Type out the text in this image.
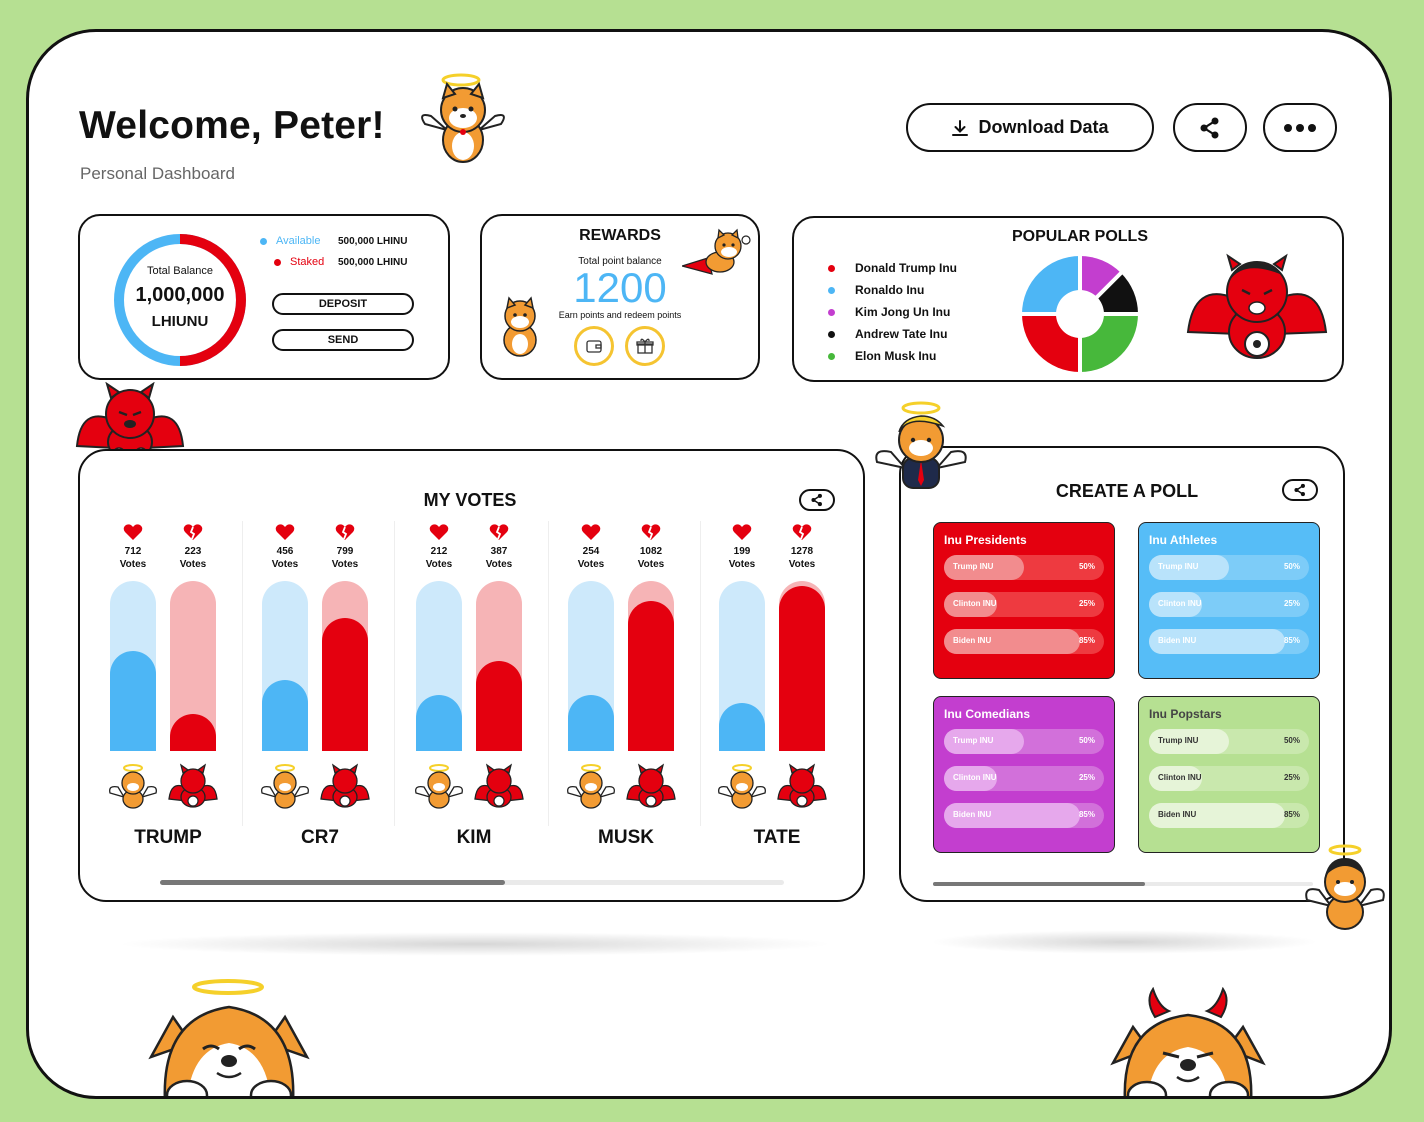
Welcome, Peter!
Personal Dashboard
Download Data
Total Balance
1,000,000
LHIUNU
Available	500,000 LHINU
Staked	500,000 LHINU
DEPOSIT
SEND
REWARDS
Total point balance
1200
Earn points and redeem points
POPULAR POLLS
Donald Trump Inu
Ronaldo Inu
Kim Jong Un Inu
Andrew Tate Inu
Elon Musk Inu
MY VOTES
712
Votes
223
Votes
TRUMP
456
Votes
799
Votes
CR7
212
Votes
387
Votes
KIM
254
Votes
1082
Votes
MUSK
199
Votes
1278
Votes
TATE
CREATE A POLL
Inu Presidents
Trump INU	50%
Clinton INU	25%
Biden INU	85%
Inu Athletes
Trump INU	50%
Clinton INU	25%
Biden INU	85%
Inu Comedians
Trump INU	50%
Clinton INU	25%
Biden INU	85%
Inu Popstars
Trump INU	50%
Clinton INU	25%
Biden INU	85%
